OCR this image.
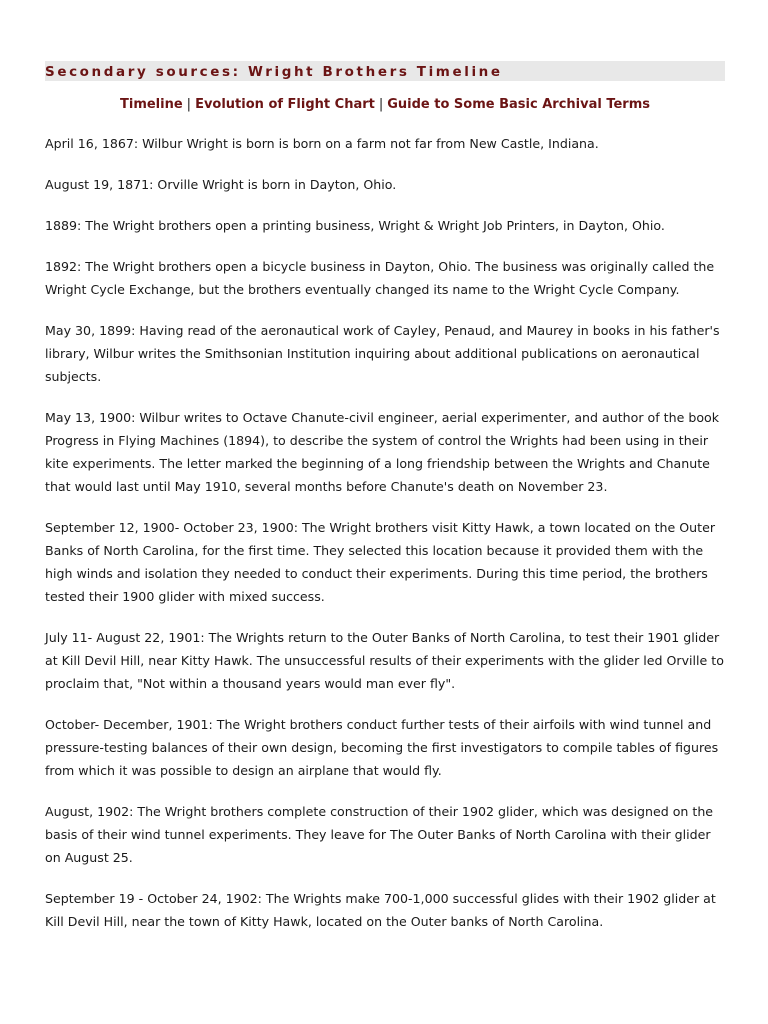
Secondary sources: Wright Brothers Timeline
Timeline | Evolution of Flight Chart | Guide to Some Basic Archival Terms

April 16, 1867: Wilbur Wright is born is born on a farm not far from New Castle, Indiana.

August 19, 1871: Orville Wright is born in Dayton, Ohio.

1889: The Wright brothers open a printing business, Wright & Wright Job Printers, in Dayton, Ohio.

1892: The Wright brothers open a bicycle business in Dayton, Ohio. The business was originally called the Wright Cycle Exchange, but the brothers eventually changed its name to the Wright Cycle Company.

May 30, 1899: Having read of the aeronautical work of Cayley, Penaud, and Maurey in books in his father's library, Wilbur writes the Smithsonian Institution inquiring about additional publications on aeronautical subjects.

May 13, 1900: Wilbur writes to Octave Chanute-civil engineer, aerial experimenter, and author of the book Progress in Flying Machines (1894), to describe the system of control the Wrights had been using in their kite experiments. The letter marked the beginning of a long friendship between the Wrights and Chanute that would last until May 1910, several months before Chanute's death on November 23.

September 12, 1900- October 23, 1900: The Wright brothers visit Kitty Hawk, a town located on the Outer Banks of North Carolina, for the first time. They selected this location because it provided them with the high winds and isolation they needed to conduct their experiments. During this time period, the brothers tested their 1900 glider with mixed success.

July 11- August 22, 1901: The Wrights return to the Outer Banks of North Carolina, to test their 1901 glider at Kill Devil Hill, near Kitty Hawk. The unsuccessful results of their experiments with the glider led Orville to proclaim that, "Not within a thousand years would man ever fly".

October- December, 1901: The Wright brothers conduct further tests of their airfoils with wind tunnel and pressure-testing balances of their own design, becoming the first investigators to compile tables of figures from which it was possible to design an airplane that would fly.

August, 1902: The Wright brothers complete construction of their 1902 glider, which was designed on the basis of their wind tunnel experiments. They leave for The Outer Banks of North Carolina with their glider on August 25.

September 19 - October 24, 1902: The Wrights make 700-1,000 successful glides with their 1902 glider at Kill Devil Hill, near the town of Kitty Hawk, located on the Outer banks of North Carolina.
